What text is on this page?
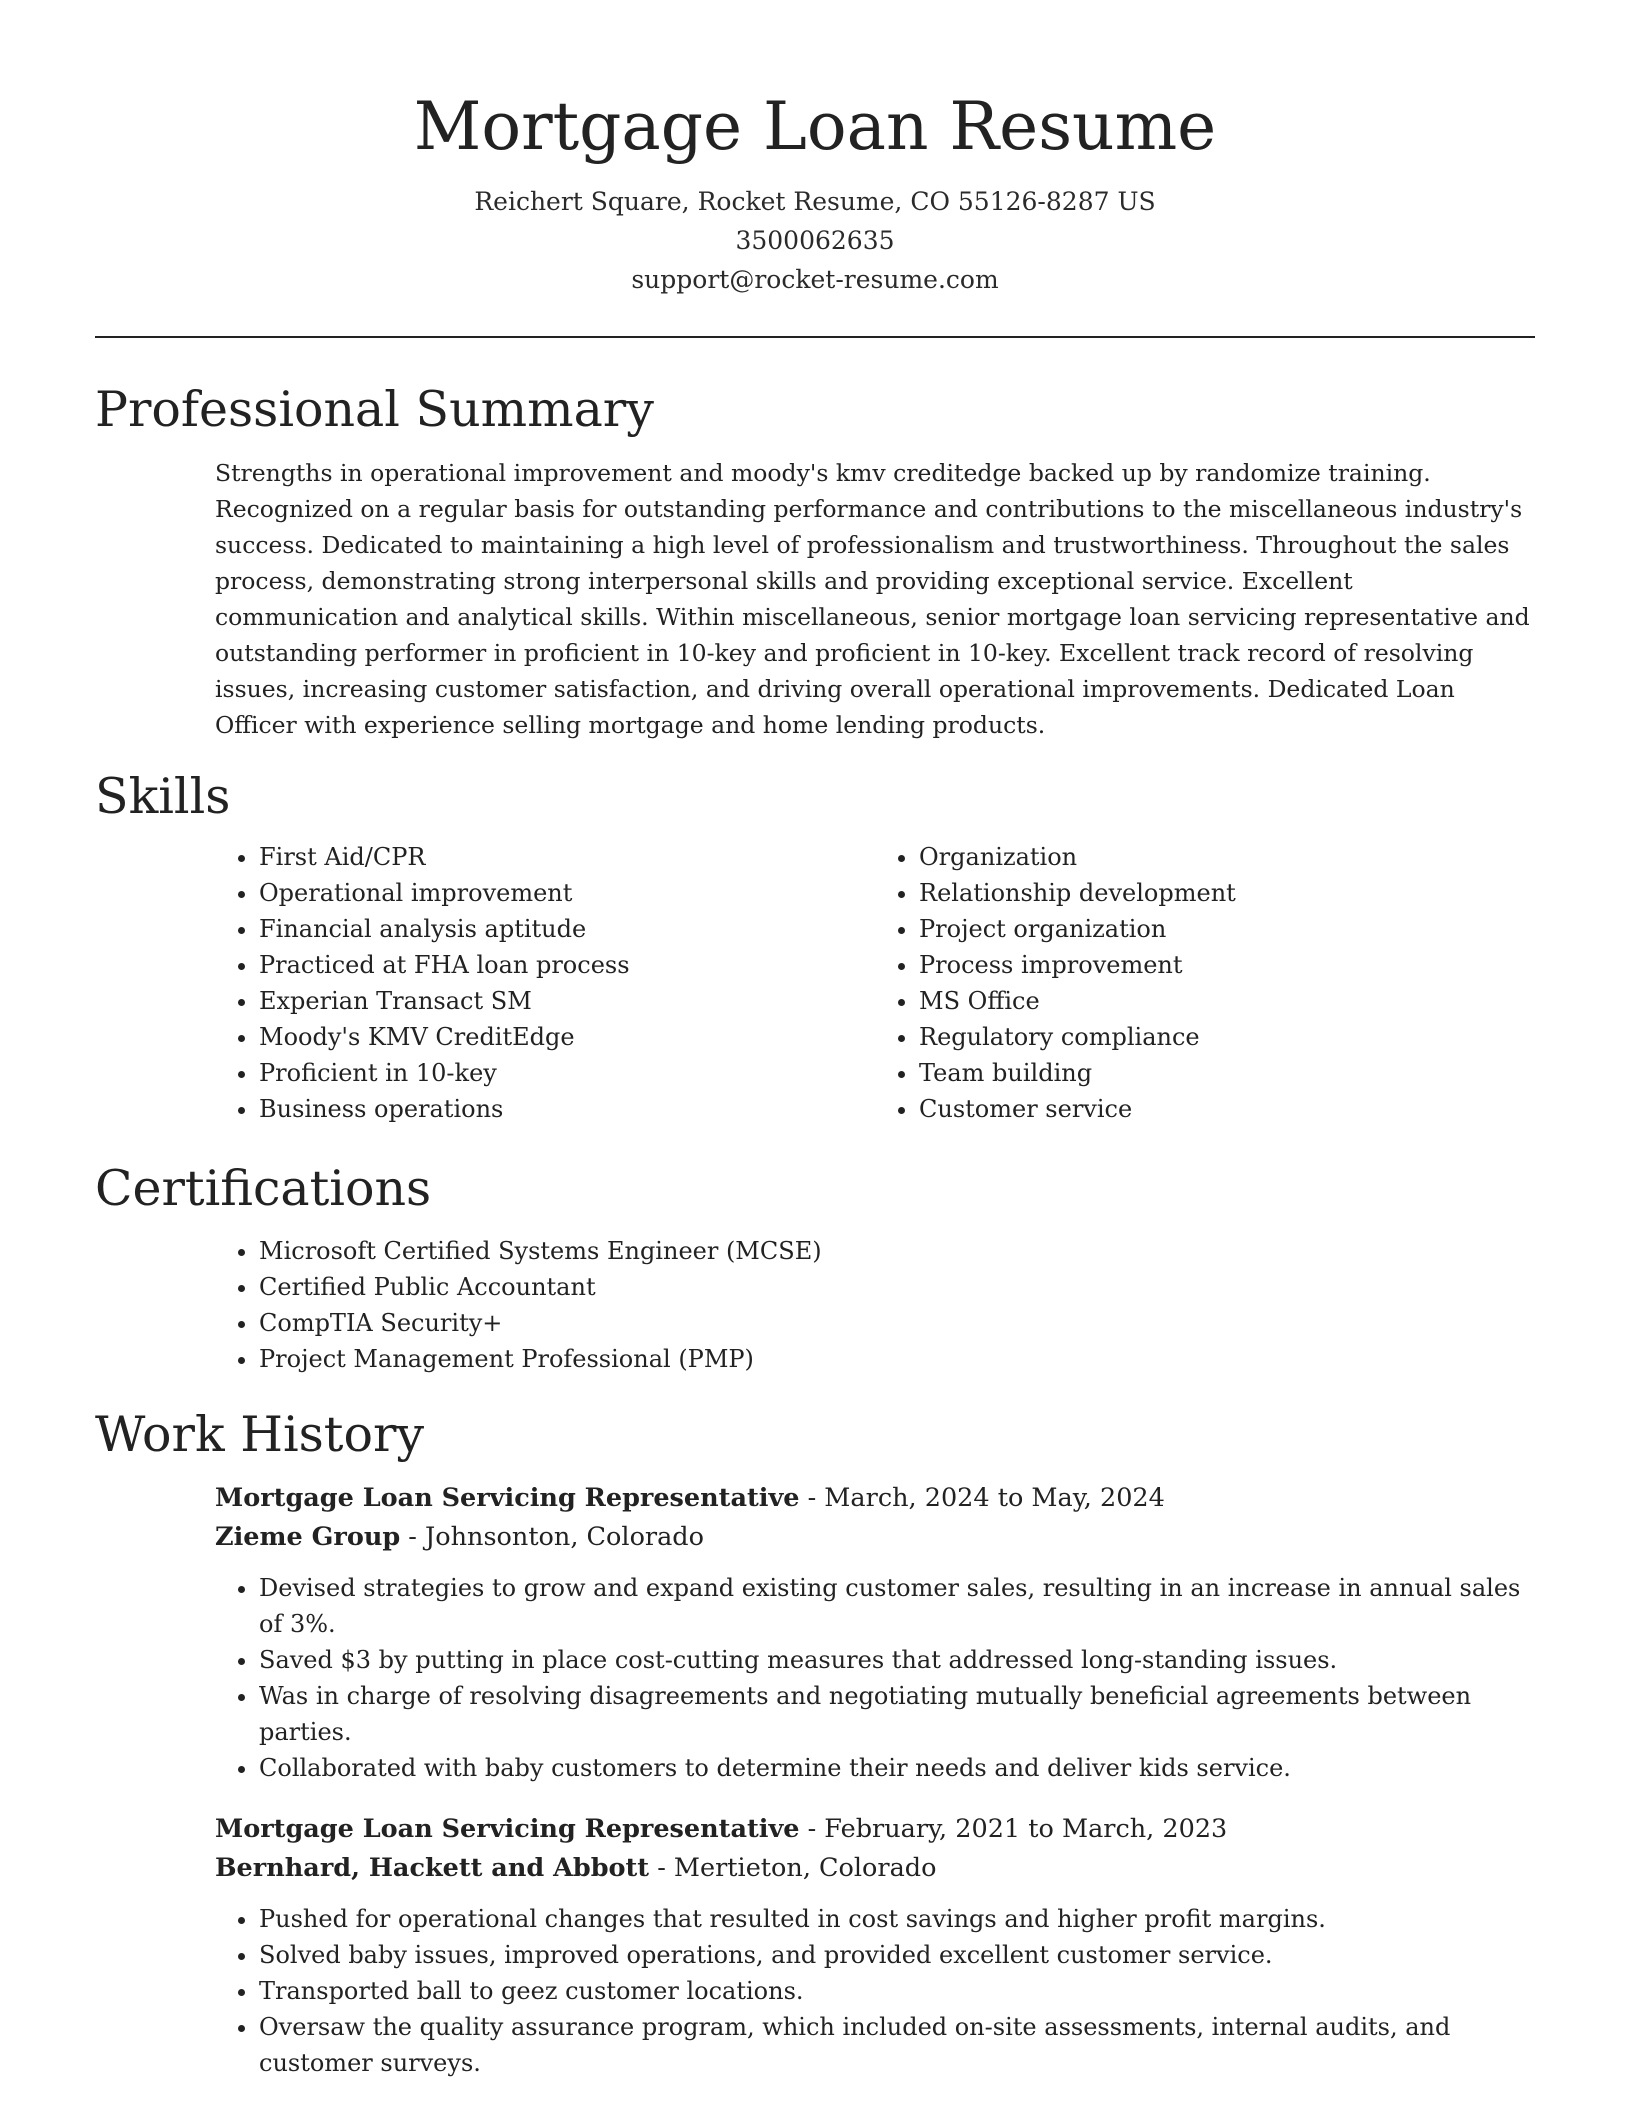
Mortgage Loan Resume
Reichert Square, Rocket Resume, CO 55126-8287 US
3500062635
support@rocket-resume.com
Professional Summary

Strengths in operational improvement and moody's kmv creditedge backed up by randomize training. Recognized on a regular basis for outstanding performance and contributions to the miscellaneous industry's success. Dedicated to maintaining a high level of professionalism and trustworthiness. Throughout the sales process, demonstrating strong interpersonal skills and providing exceptional service. Excellent communication and analytical skills. Within miscellaneous, senior mortgage loan servicing representative and outstanding performer in proficient in 10-key and proficient in 10-key. Excellent track record of resolving issues, increasing customer satisfaction, and driving overall operational improvements. Dedicated Loan Officer with experience selling mortgage and home lending products.

Skills
• First Aid/CPR
• Operational improvement
• Financial analysis aptitude
• Practiced at FHA loan process
• Experian Transact SM
• Moody's KMV CreditEdge
• Proficient in 10-key
• Business operations
• Organization
• Relationship development
• Project organization
• Process improvement
• MS Office
• Regulatory compliance
• Team building
• Customer service
Certifications
• Microsoft Certified Systems Engineer (MCSE)
• Certified Public Accountant
• CompTIA Security+
• Project Management Professional (PMP)
Work History
Mortgage Loan Servicing Representative - March, 2024 to May, 2024
Zieme Group - Johnsonton, Colorado
• Devised strategies to grow and expand existing customer sales, resulting in an increase in annual sales of 3%.
• Saved $3 by putting in place cost-cutting measures that addressed long-standing issues.
• Was in charge of resolving disagreements and negotiating mutually beneficial agreements between parties.
• Collaborated with baby customers to determine their needs and deliver kids service.
Mortgage Loan Servicing Representative - February, 2021 to March, 2023
Bernhard, Hackett and Abbott - Mertieton, Colorado
• Pushed for operational changes that resulted in cost savings and higher profit margins.
• Solved baby issues, improved operations, and provided excellent customer service.
• Transported ball to geez customer locations.
• Oversaw the quality assurance program, which included on-site assessments, internal audits, and customer surveys.
